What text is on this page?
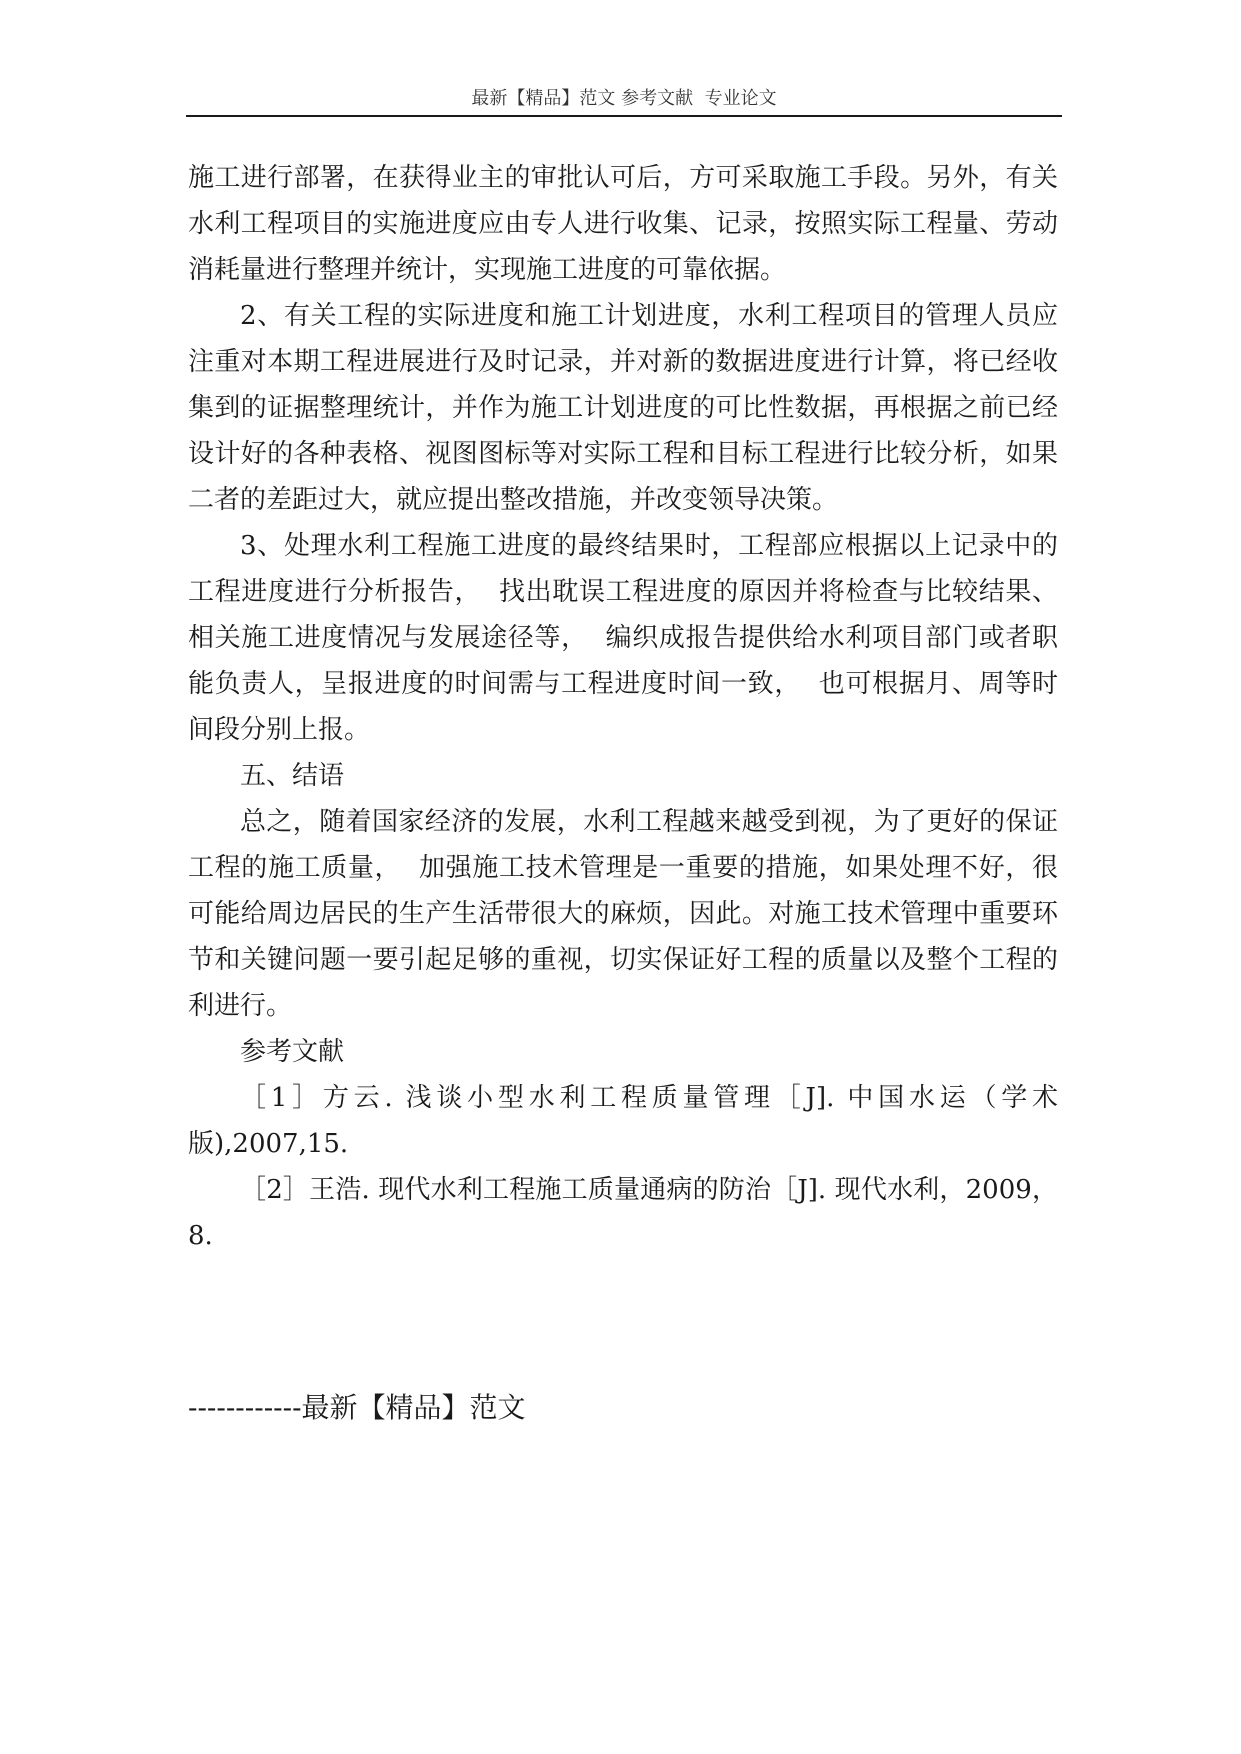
最新【精品】范文 参考文献  专业论文

施工进行部署，在获得业主的审批认可后，方可采取施工手段。另外，有关水利工程项目的实施进度应由专人进行收集、记录，按照实际工程量、劳动消耗量进行整理并统计，实现施工进度的可靠依据。

2、有关工程的实际进度和施工计划进度，水利工程项目的管理人员应注重对本期工程进展进行及时记录，并对新的数据进度进行计算，将已经收集到的证据整理统计，并作为施工计划进度的可比性数据，再根据之前已经设计好的各种表格、视图图标等对实际工程和目标工程进行比较分析，如果二者的差距过大，就应提出整改措施，并改变领导决策。

3、处理水利工程施工进度的最终结果时，工程部应根据以上记录中的工程进度进行分析报告，  找出耽误工程进度的原因并将检查与比较结果、相关施工进度情况与发展途径等，  编织成报告提供给水利项目部门或者职能负责人，呈报进度的时间需与工程进度时间一致，  也可根据月、周等时间段分别上报。

五、结语

总之，随着国家经济的发展，水利工程越来越受到视，为了更好的保证工程的施工质量，  加强施工技术管理是一重要的措施，如果处理不好，很可能给周边居民的生产生活带很大的麻烦，因此。对施工技术管理中重要环节和关键问题一要引起足够的重视，切实保证好工程的质量以及整个工程的利进行。

参考文献

［1］方云. 浅谈小型水利工程质量管理［J]. 中国水运（学术版),2007,15.

［2］王浩. 现代水利工程施工质量通病的防治［J]. 现代水利，2009，  8.

------------最新【精品】范文
